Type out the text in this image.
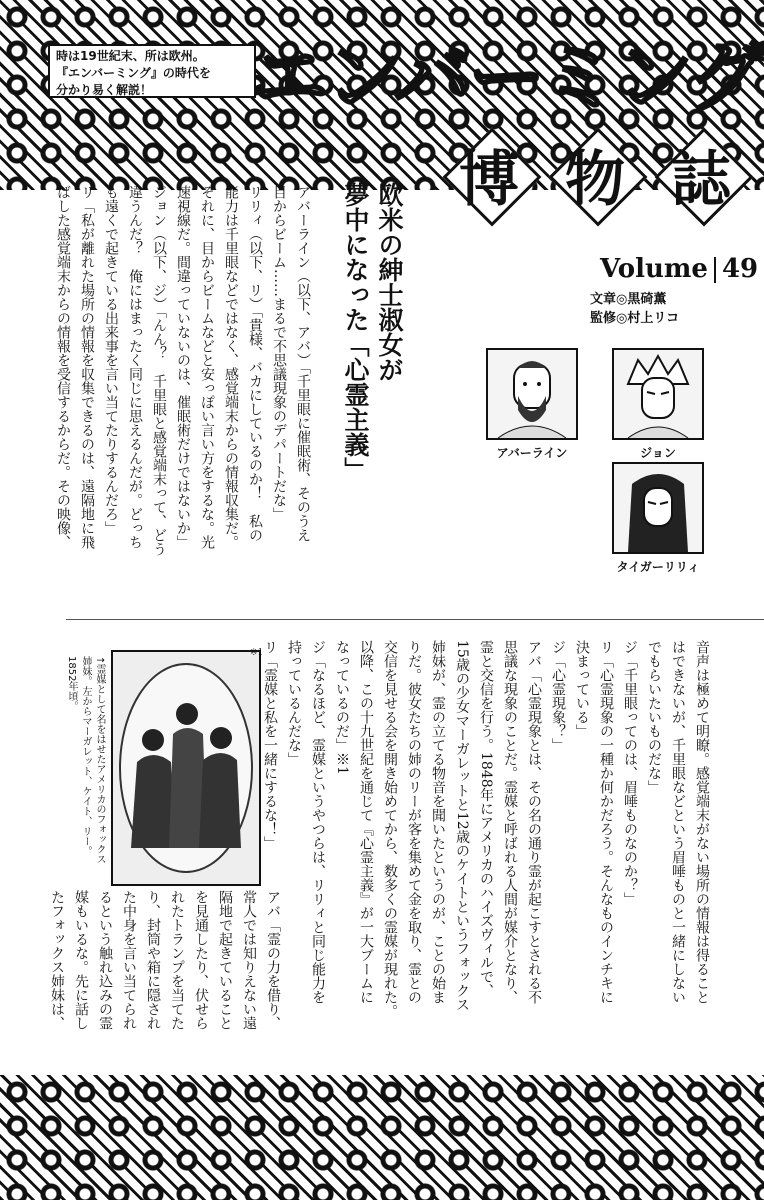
時は19世紀末、所は欧州。
『エンバーミング』の時代を
分かり易く解説！	エンバーミング
博 物 誌
Volume 49
文章◎黒碕薫
監修◎村上リコ
アバーライン	ジョン
タイガーリリィ
欧米の紳士淑女が
夢中になった「心霊主義」
アバーライン（以下、アバ）「千里眼に催眠術、そのうえ
目からビーム……まるで不思議現象のデパートだな」
リリィ（以下、リ）「貴様、バカにしているのか！　私の
能力は千里眼などではなく、感覚端末からの情報収集だ。
それに、目からビームなどと安っぽい言い方をするな。光
速視線だ。間違っていないのは、催眠術だけではないか」
ジョン（以下、ジ）「んん？　千里眼と感覚端末って、どう
違うんだ？　俺にはまったく同じに思えるんだが。どっち
も遠くで起きている出来事を言い当てたりするんだろ」
リ「私が離れた場所の情報を収集できるのは、遠隔地に飛
ばした感覚端末からの情報を受信するからだ。その映像、
音声は極めて明瞭。感覚端末がない場所の情報は得ること
はできないが、千里眼などという眉唾ものと一緒にしない
でもらいたいものだな」
ジ「千里眼ってのは、眉唾ものなのか？」
リ「心霊現象の一種か何かだろう。そんなものインチキに
決まっている」
ジ「心霊現象？」
アバ「心霊現象とは、その名の通り霊が起こすとされる不
思議な現象のことだ。霊媒と呼ばれる人間が媒介となり、
霊と交信を行う。1848年にアメリカのハイズヴィルで、
15歳の少女マーガレットと12歳のケイトというフォックス
姉妹が、霊の立てる物音を聞いたというのが、ことの始ま
りだ。彼女たちの姉のリーが客を集めて金を取り、霊との
交信を見せる会を開き始めてから、数多くの霊媒が現れた。
以降、この十九世紀を通じて『心霊主義』が一大ブームに
なっているのだ」※1
ジ「なるほど、霊媒というやつらは、リリィと同じ能力を
持っているんだな」
リ「霊媒と私を一緒にするな！」
アバ「霊の力を借り、
常人では知りえない遠
隔地で起きていること
を見通したり、伏せら
れたトランプを当てた
り、封筒や箱に隠され
た中身を言い当てられ
るという触れ込みの霊
媒もいるな。先に話し
たフォックス姉妹は、
※1
↑霊媒として名をはせたアメリカのフォックス
姉妹。左からマーガレット、ケイト、リー。
1852年頃。
